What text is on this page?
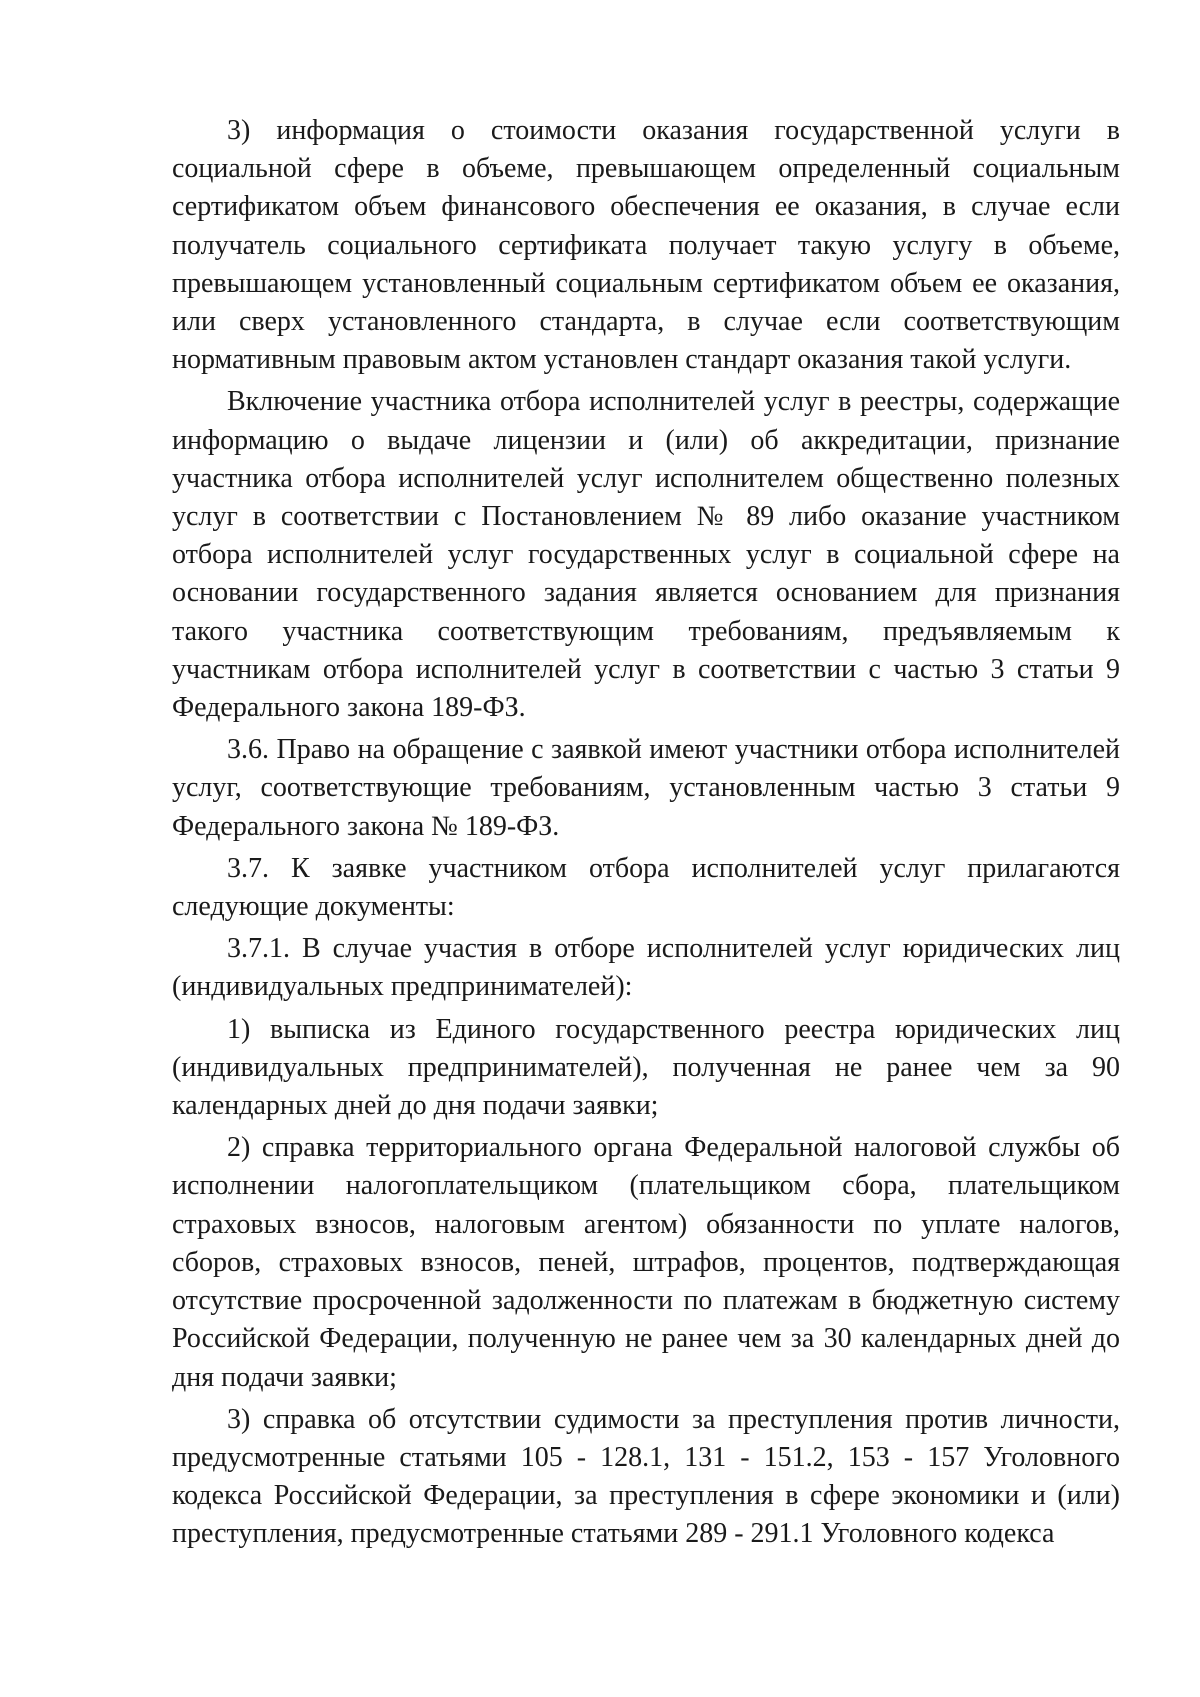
3) информация о стоимости оказания государственной услуги в социальной сфере в объеме, превышающем определенный социальным сертификатом объем финансового обеспечения ее оказания, в случае если получатель социального сертификата получает такую услугу в объеме, превышающем установленный социальным сертификатом объем ее оказания, или сверх установленного стандарта, в случае если соответствующим нормативным правовым актом установлен стандарт оказания такой услуги.

Включение участника отбора исполнителей услуг в реестры, содержащие информацию о выдаче лицензии и (или) об аккредитации, признание участника отбора исполнителей услуг исполнителем общественно полезных услуг в соответствии с Постановлением № 89 либо оказание участником отбора исполнителей услуг государственных услуг в социальной сфере на основании государственного задания является основанием для признания такого участника соответствующим требованиям, предъявляемым к участникам отбора исполнителей услуг в соответствии с частью 3 статьи 9 Федерального закона 189-ФЗ.

3.6. Право на обращение с заявкой имеют участники отбора исполнителей услуг, соответствующие требованиям, установленным частью 3 статьи 9 Федерального закона № 189-ФЗ.

3.7. К заявке участником отбора исполнителей услуг прилагаются следующие документы:

3.7.1. В случае участия в отборе исполнителей услуг юридических лиц (индивидуальных предпринимателей):

1) выписка из Единого государственного реестра юридических лиц (индивидуальных предпринимателей), полученная не ранее чем за 90 календарных дней до дня подачи заявки;

2) справка территориального органа Федеральной налоговой службы об исполнении налогоплательщиком (плательщиком сбора, плательщиком страховых взносов, налоговым агентом) обязанности по уплате налогов, сборов, страховых взносов, пеней, штрафов, процентов, подтверждающая отсутствие просроченной задолженности по платежам в бюджетную систему Российской Федерации, полученную не ранее чем за 30 календарных дней до дня подачи заявки;

3) справка об отсутствии судимости за преступления против личности, предусмотренные статьями 105 - 128.1, 131 - 151.2, 153 - 157 Уголовного кодекса Российской Федерации, за преступления в сфере экономики и (или) преступления, предусмотренные статьями 289 - 291.1 Уголовного кодекса
